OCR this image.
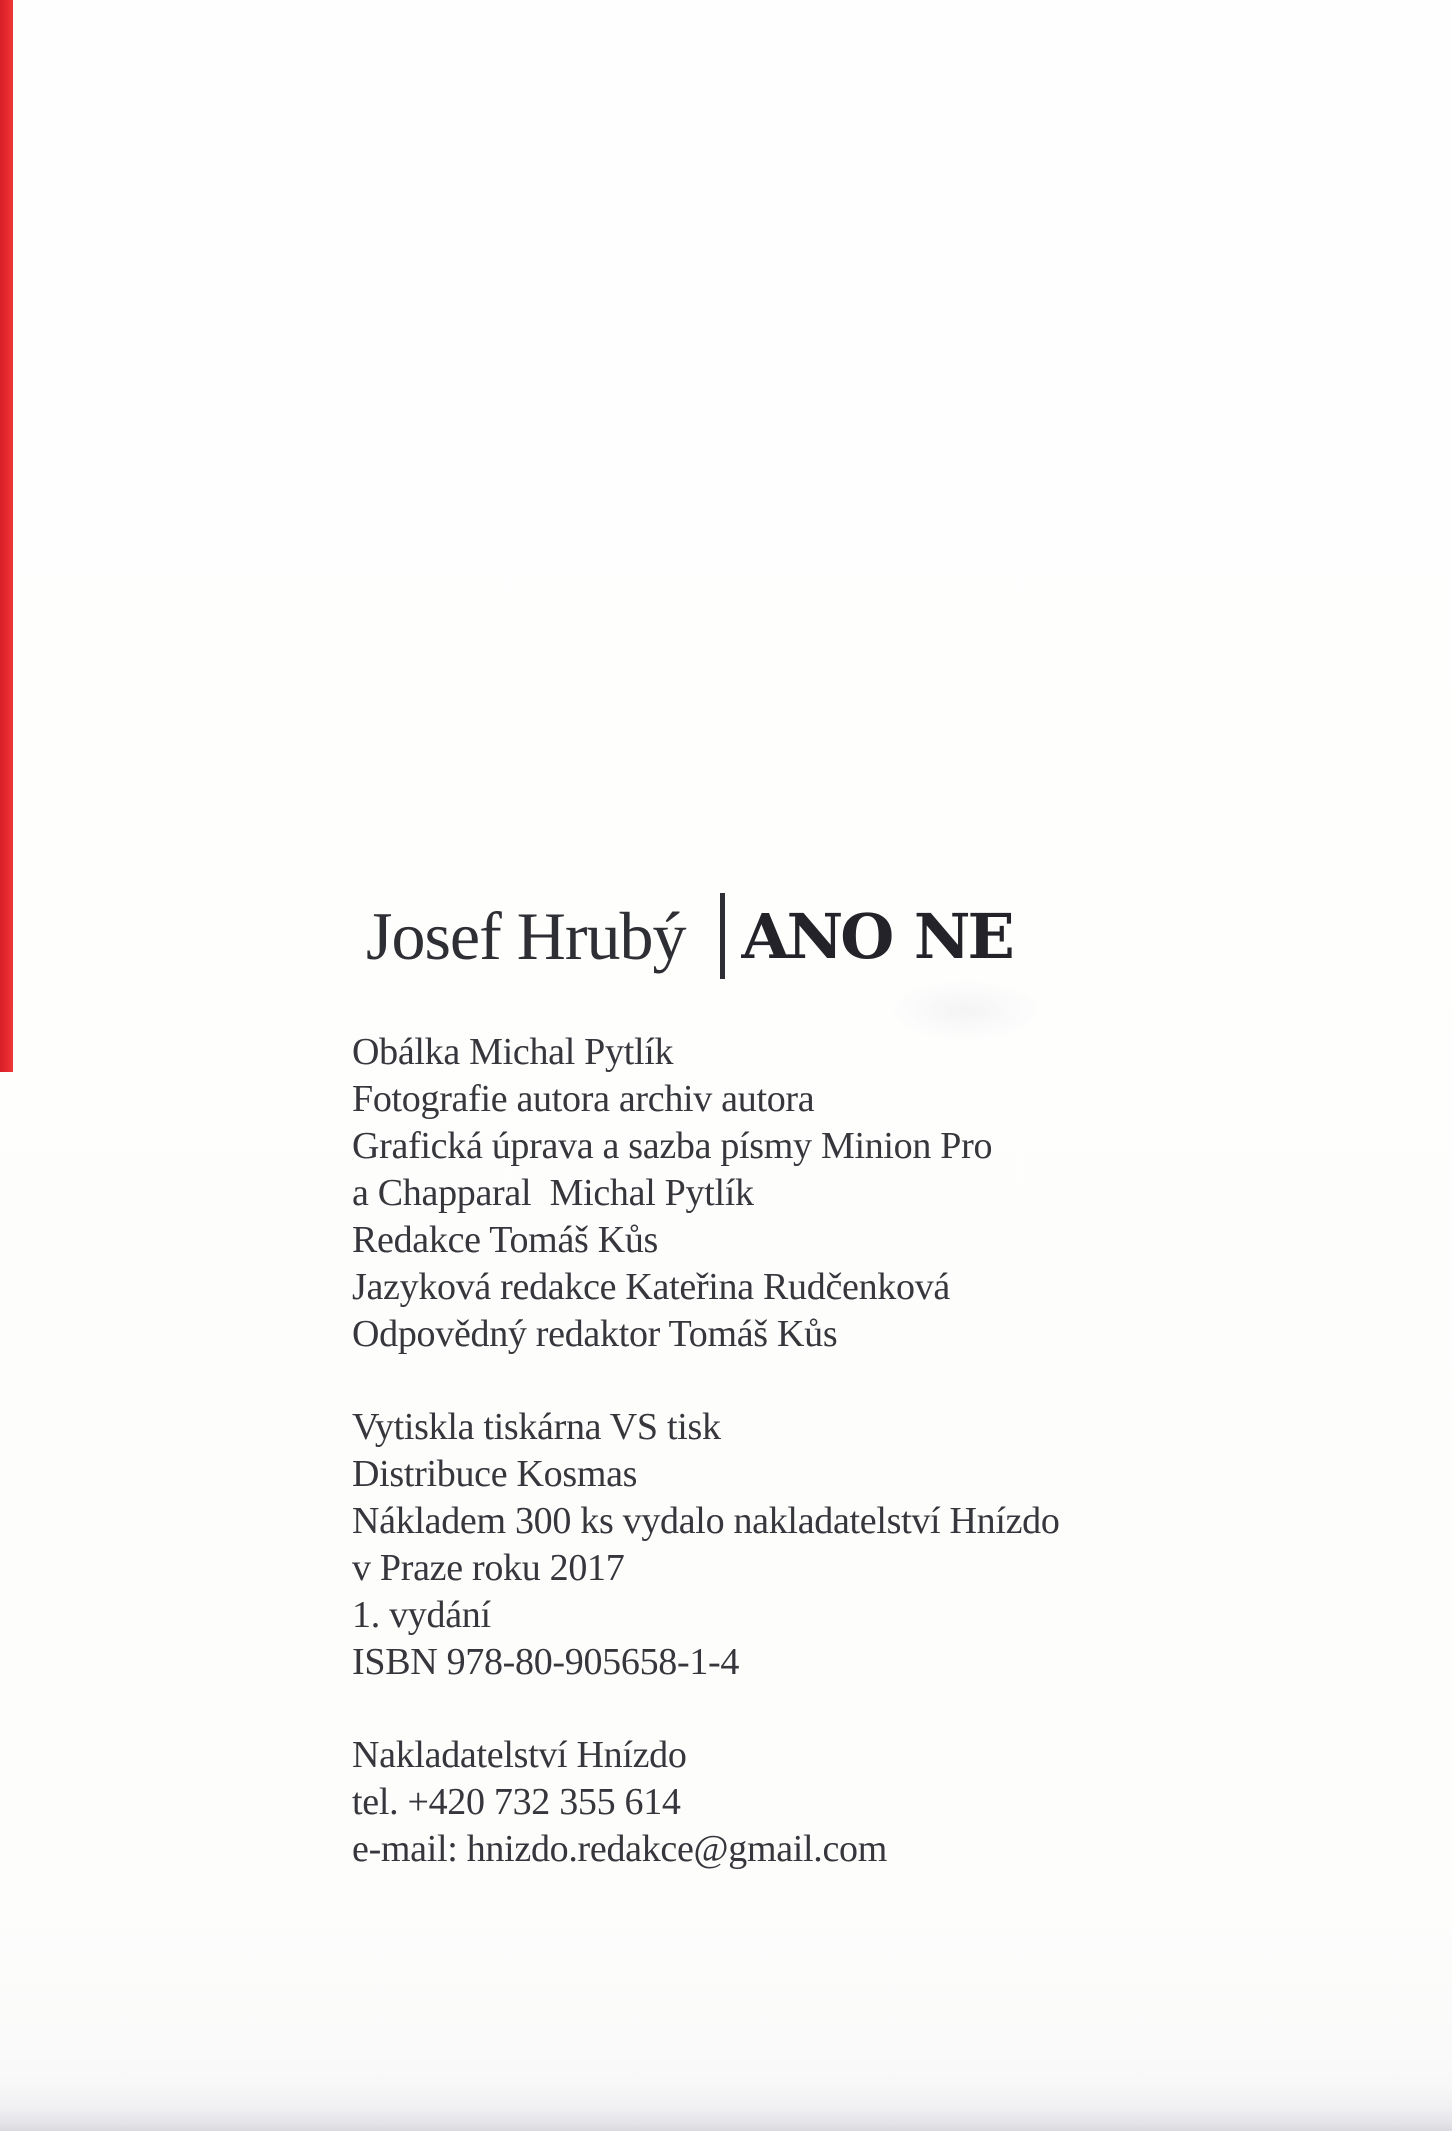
Josef Hrubý ANO NE
Obálka Michal Pytlík
Fotografie autora archiv autora
Grafická úprava a sazba písmy Minion Pro
a Chapparal  Michal Pytlík
Redakce Tomáš Kůs
Jazyková redakce Kateřina Rudčenková
Odpovědný redaktor Tomáš Kůs
Vytiskla tiskárna VS tisk
Distribuce Kosmas
Nákladem 300 ks vydalo nakladatelství Hnízdo
v Praze roku 2017
1. vydání
ISBN 978-80-905658-1-4
Nakladatelství Hnízdo
tel. +420 732 355 614
e-mail: hnizdo.redakce@gmail.com
